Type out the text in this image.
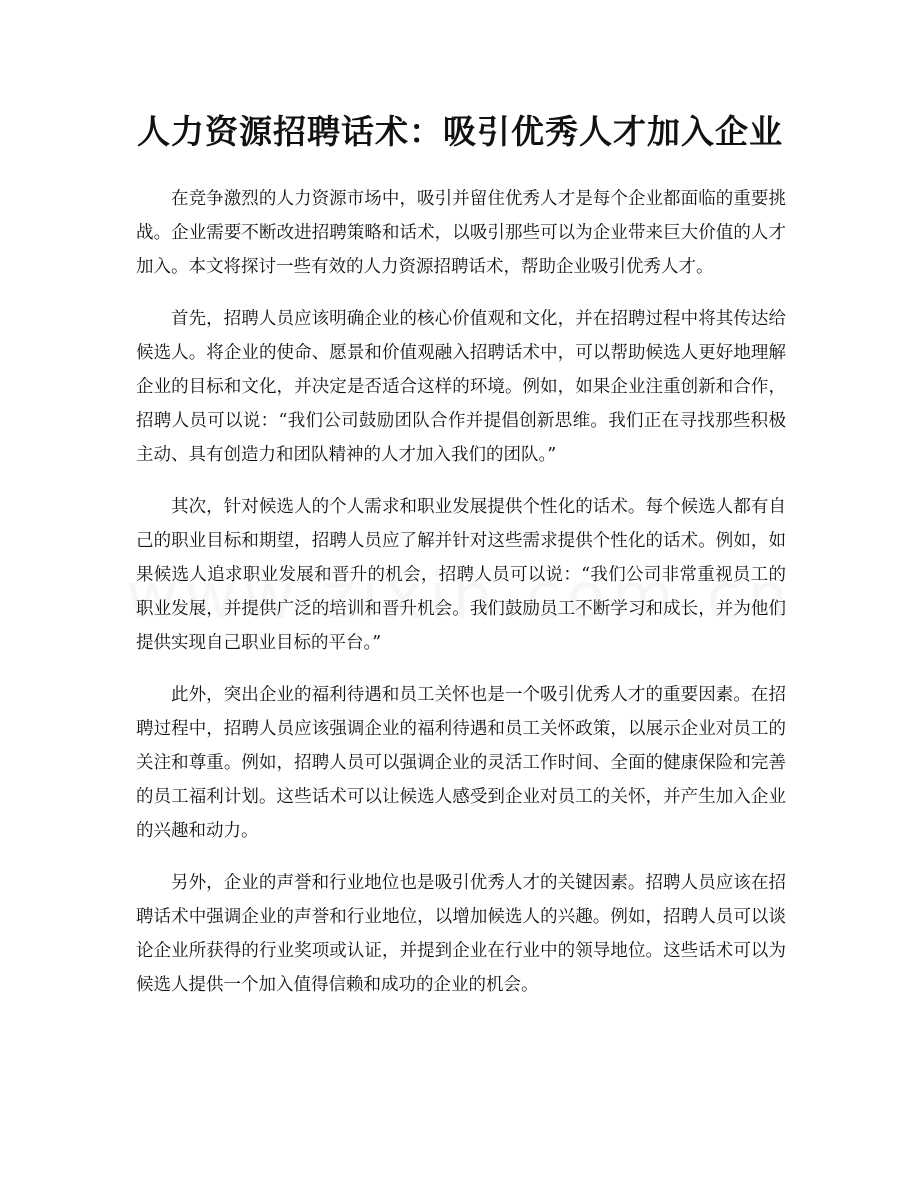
人力资源招聘话术：吸引优秀人才加入企业

在竞争激烈的人力资源市场中，吸引并留住优秀人才是每个企业都面临的重要挑战。企业需要不断改进招聘策略和话术，以吸引那些可以为企业带来巨大价值的人才加入。本文将探讨一些有效的人力资源招聘话术，帮助企业吸引优秀人才。

首先，招聘人员应该明确企业的核心价值观和文化，并在招聘过程中将其传达给候选人。将企业的使命、愿景和价值观融入招聘话术中，可以帮助候选人更好地理解企业的目标和文化，并决定是否适合这样的环境。例如，如果企业注重创新和合作，招聘人员可以说：“我们公司鼓励团队合作并提倡创新思维。我们正在寻找那些积极主动、具有创造力和团队精神的人才加入我们的团队。”

其次，针对候选人的个人需求和职业发展提供个性化的话术。每个候选人都有自己的职业目标和期望，招聘人员应了解并针对这些需求提供个性化的话术。例如，如果候选人追求职业发展和晋升的机会，招聘人员可以说：“我们公司非常重视员工的职业发展，并提供广泛的培训和晋升机会。我们鼓励员工不断学习和成长，并为他们提供实现自己职业目标的平台。”

此外，突出企业的福利待遇和员工关怀也是一个吸引优秀人才的重要因素。在招聘过程中，招聘人员应该强调企业的福利待遇和员工关怀政策，以展示企业对员工的关注和尊重。例如，招聘人员可以强调企业的灵活工作时间、全面的健康保险和完善的员工福利计划。这些话术可以让候选人感受到企业对员工的关怀，并产生加入企业的兴趣和动力。

另外，企业的声誉和行业地位也是吸引优秀人才的关键因素。招聘人员应该在招聘话术中强调企业的声誉和行业地位，以增加候选人的兴趣。例如，招聘人员可以谈论企业所获得的行业奖项或认证，并提到企业在行业中的领导地位。这些话术可以为候选人提供一个加入值得信赖和成功的企业的机会。
